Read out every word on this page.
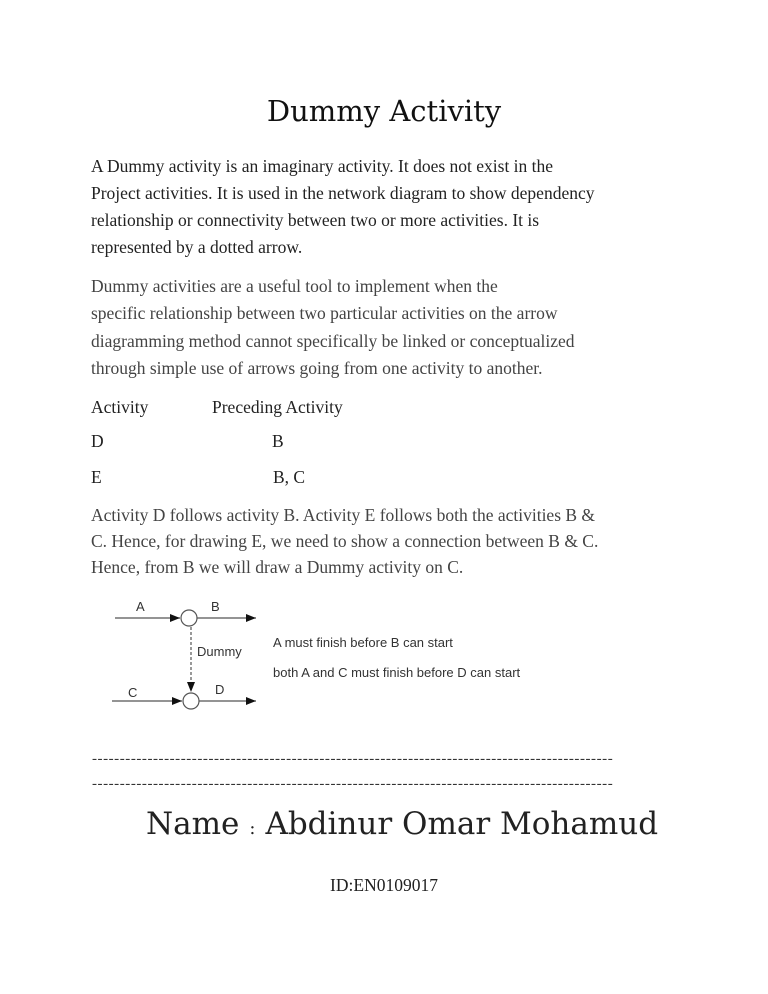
Dummy Activity
A Dummy activity is an imaginary activity. It does not exist in the
Project activities. It is used in the network diagram to show dependency
relationship or connectivity between two or more activities. It is
represented by a dotted arrow.
Dummy activities are a useful tool to implement when the
specific relationship between two particular activities on the arrow
diagramming method cannot specifically be linked or conceptualized
through simple use of arrows going from one activity to another.
Activity	Preceding Activity
D	B
E	B, C
Activity D follows activity B. Activity E follows both the activities B &
C. Hence, for drawing E, we need to show a connection between B & C.
Hence, from B we will draw a Dummy activity on C.
A	B
Dummy
C	D
A must finish before B can start
both A and C must finish before D can start
----------------------------------------------------------------------------------------------
----------------------------------------------------------------------------------------------
Name : Abdinur Omar Mohamud
ID:EN0109017
